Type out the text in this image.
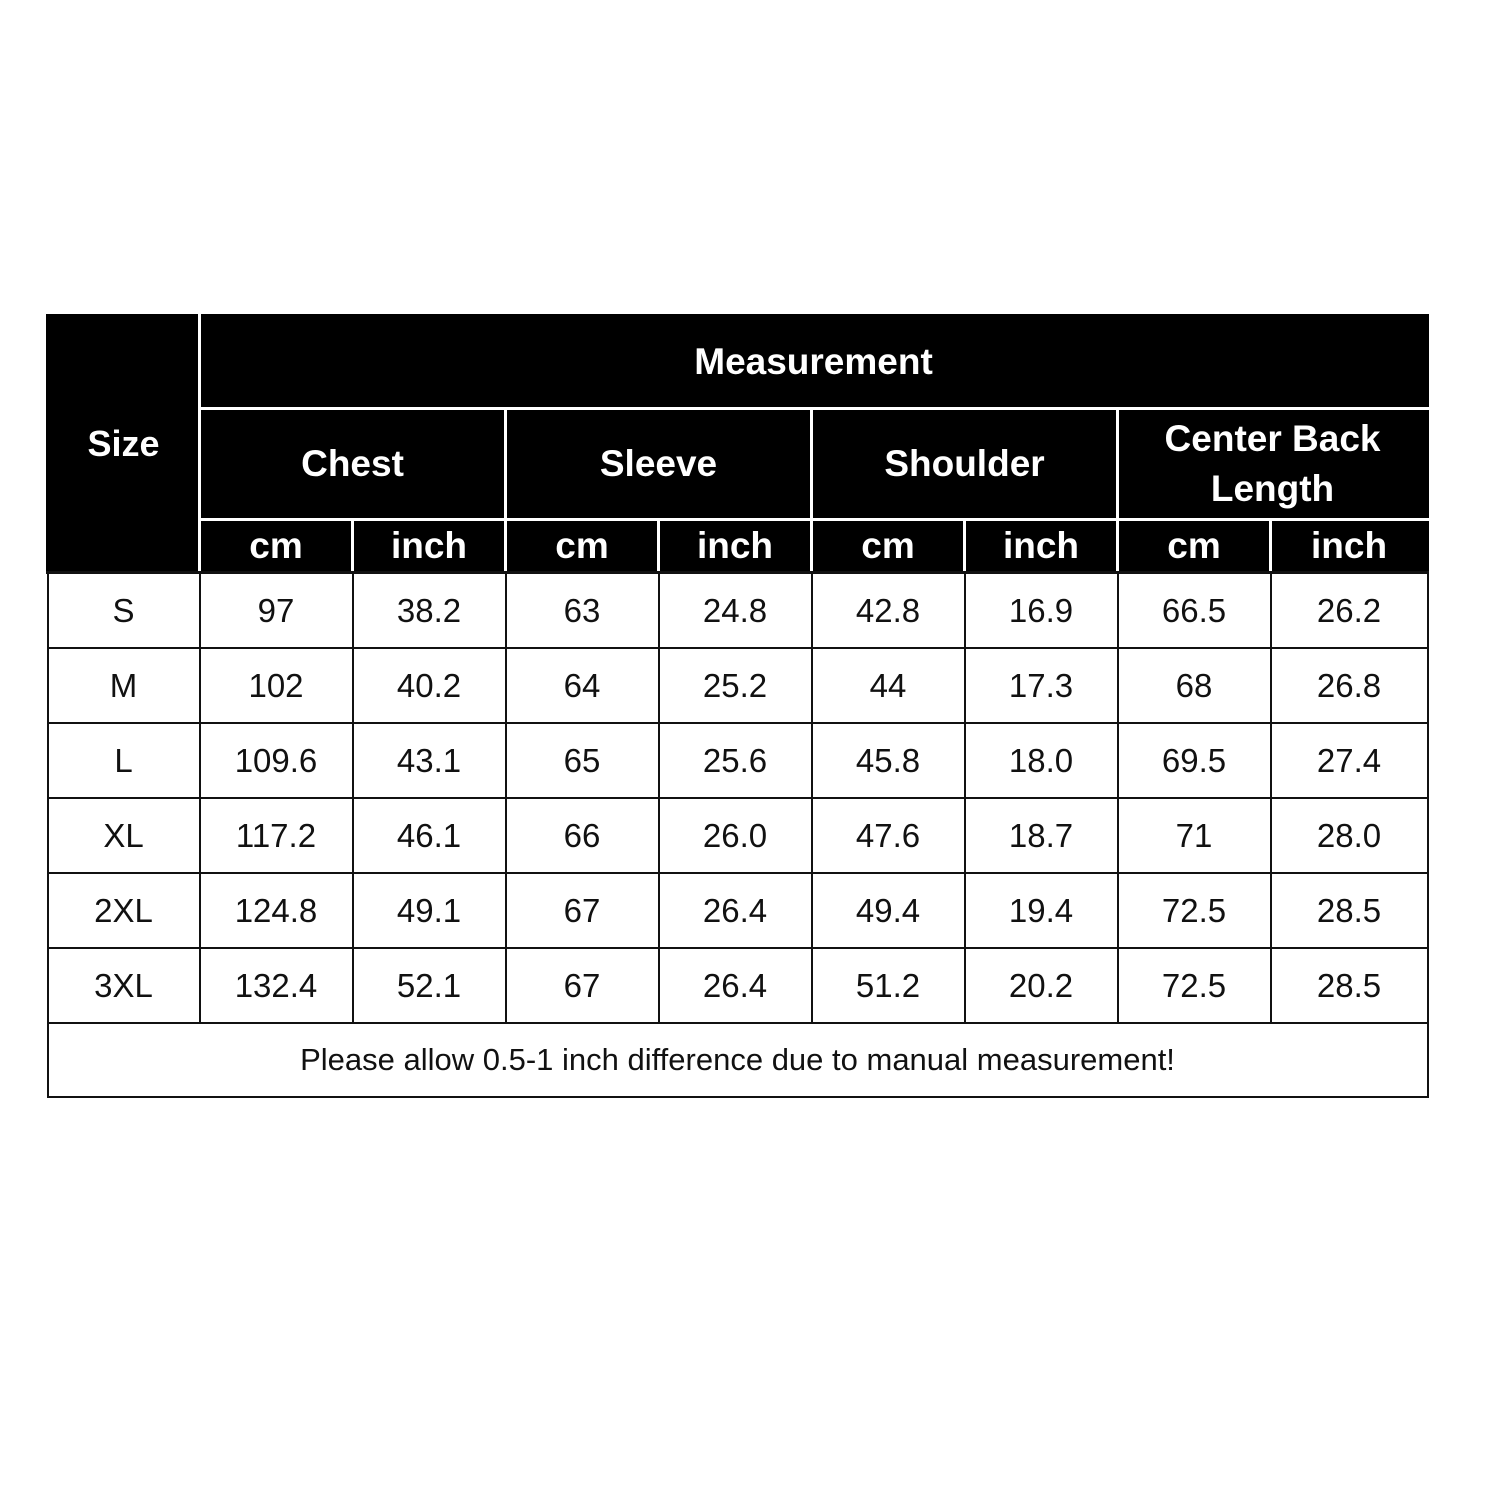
Size	Measurement							
	Chest		Sleeve		Shoulder		Center Back Length	
	cm	inch	cm	inch	cm	inch	cm	inch
S	97	38.2	63	24.8	42.8	16.9	66.5	26.2
M	102	40.2	64	25.2	44	17.3	68	26.8
L	109.6	43.1	65	25.6	45.8	18.0	69.5	27.4
XL	117.2	46.1	66	26.0	47.6	18.7	71	28.0
2XL	124.8	49.1	67	26.4	49.4	19.4	72.5	28.5
3XL	132.4	52.1	67	26.4	51.2	20.2	72.5	28.5
Please allow 0.5-1 inch difference due to manual measurement!								
